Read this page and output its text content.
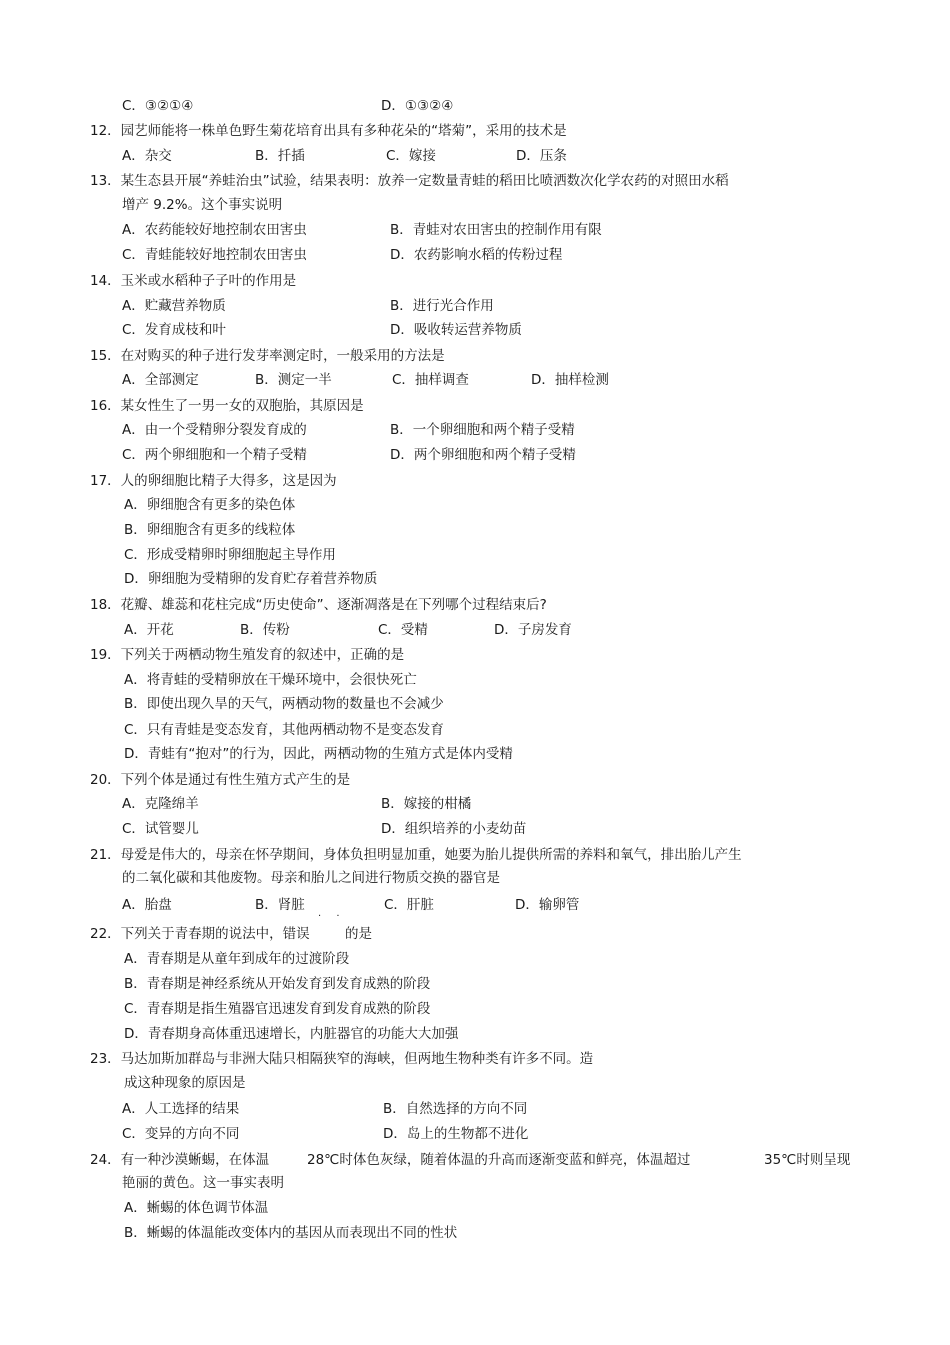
C．③②①④	D．①③②④
12．园艺师能将一株单色野生菊花培育出具有多种花朵的“塔菊”，采用的技术是
A．杂交	B．扦插	C．嫁接	D．压条
13．某生态县开展“养蛙治虫”试验，结果表明：放养一定数量青蛙的稻田比喷洒数次化学农药的对照田水稻
增产 9.2%。这个事实说明
A．农药能较好地控制农田害虫	B．青蛙对农田害虫的控制作用有限
C．青蛙能较好地控制农田害虫	D．农药影响水稻的传粉过程
14．玉米或水稻种子子叶的作用是
A．贮藏营养物质	B．进行光合作用
C．发育成枝和叶	D．吸收转运营养物质
15．在对购买的种子进行发芽率测定时，一般采用的方法是
A．全部测定	B．测定一半	C．抽样调查	D．抽样检测
16．某女性生了一男一女的双胞胎，其原因是
A．由一个受精卵分裂发育成的	B．一个卵细胞和两个精子受精
C．两个卵细胞和一个精子受精	D．两个卵细胞和两个精子受精
17．人的卵细胞比精子大得多，这是因为
A．卵细胞含有更多的染色体
B．卵细胞含有更多的线粒体
C．形成受精卵时卵细胞起主导作用
D．卵细胞为受精卵的发育贮存着营养物质
18．花瓣、雄蕊和花柱完成“历史使命”、逐渐凋落是在下列哪个过程结束后?
A．开花	B．传粉	C．受精	D．子房发育
19．下列关于两栖动物生殖发育的叙述中，正确的是
A．将青蛙的受精卵放在干燥环境中，会很快死亡
B．即使出现久旱的天气，两栖动物的数量也不会减少
C．只有青蛙是变态发育，其他两栖动物不是变态发育
D．青蛙有“抱对”的行为，因此，两栖动物的生殖方式是体内受精
20．下列个体是通过有性生殖方式产生的是
A．克隆绵羊	B．嫁接的柑橘
C．试管婴儿	D．组织培养的小麦幼苗
21．母爱是伟大的，母亲在怀孕期间，身体负担明显加重，她要为胎儿提供所需的养料和氧气，排出胎儿产生
的二氧化碳和其他废物。母亲和胎儿之间进行物质交换的器官是
A．胎盘	B．肾脏	C．肝脏	D．输卵管
22．下列关于青春期的说法中，错误	的是
A．青春期是从童年到成年的过渡阶段
B．青春期是神经系统从开始发育到发育成熟的阶段
C．青春期是指生殖器官迅速发育到发育成熟的阶段
D．青春期身高体重迅速增长，内脏器官的功能大大加强
23．马达加斯加群岛与非洲大陆只相隔狭窄的海峡，但两地生物种类有许多不同。造
成这种现象的原因是
A．人工选择的结果	B．自然选择的方向不同
C．变异的方向不同	D．岛上的生物都不进化
24．有一种沙漠蜥蜴，在体温	28℃时体色灰绿，随着体温的升高而逐渐变蓝和鲜亮，体温超过	35℃时则呈现
艳丽的黄色。这一事实表明
A．蜥蜴的体色调节体温
B．蜥蜴的体温能改变体内的基因从而表现出不同的性状
· ·
